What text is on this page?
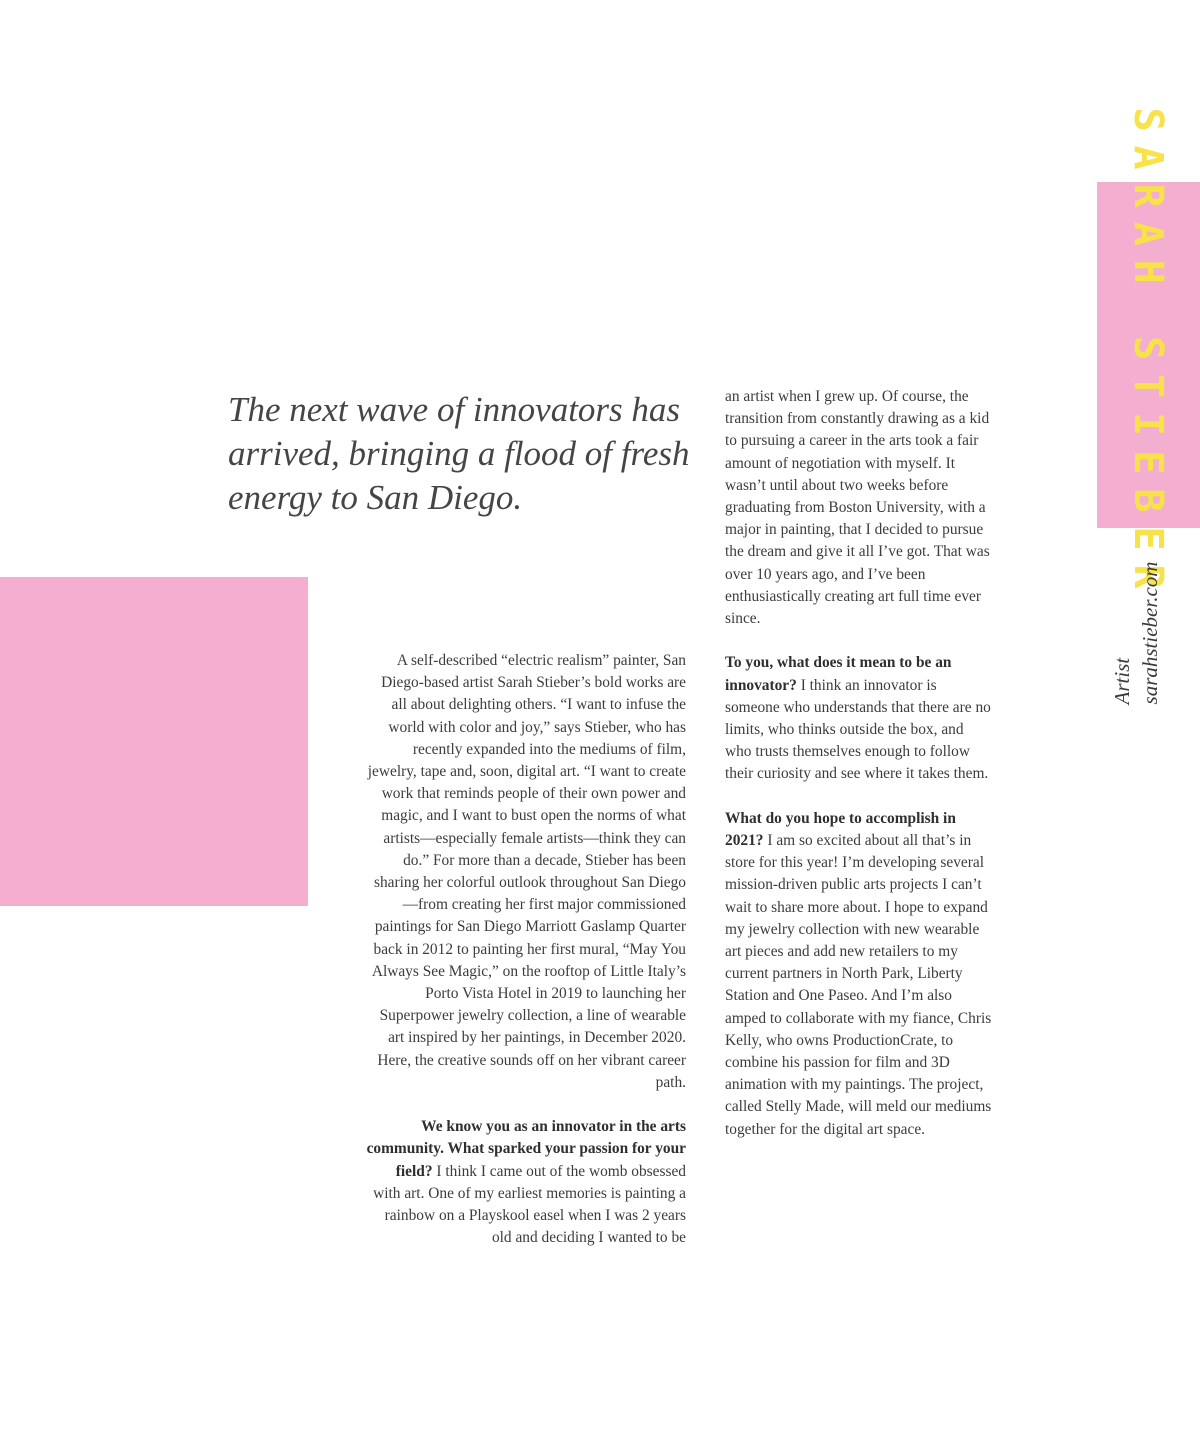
SARAH STIEBER
Artist sarahstieber.com
The next wave of innovators has arrived, bringing a flood of fresh energy to San Diego.

A self-described “electric realism” painter, San Diego-based artist Sarah Stieber’s bold works are all about delighting others. “I want to infuse the world with color and joy,” says Stieber, who has recently expanded into the mediums of film, jewelry, tape and, soon, digital art. “I want to create work that reminds people of their own power and magic, and I want to bust open the norms of what artists—especially female artists—think they can do.” For more than a decade, Stieber has been sharing her colorful outlook throughout San Diego—from creating her first major commissioned paintings for San Diego Marriott Gaslamp Quarter back in 2012 to painting her first mural, “May You Always See Magic,” on the rooftop of Little Italy’s Porto Vista Hotel in 2019 to launching her Superpower jewelry collection, a line of wearable art inspired by her paintings, in December 2020. Here, the creative sounds off on her vibrant career path.

We know you as an innovator in the arts community. What sparked your passion for your field? I think I came out of the womb obsessed with art. One of my earliest memories is painting a rainbow on a Playskool easel when I was 2 years old and deciding I wanted to be

an artist when I grew up. Of course, the transition from constantly drawing as a kid to pursuing a career in the arts took a fair amount of negotiation with myself. It wasn’t until about two weeks before graduating from Boston University, with a major in painting, that I decided to pursue the dream and give it all I’ve got. That was over 10 years ago, and I’ve been enthusiastically creating art full time ever since.

To you, what does it mean to be an innovator? I think an innovator is someone who understands that there are no limits, who thinks outside the box, and who trusts themselves enough to follow their curiosity and see where it takes them.

What do you hope to accomplish in 2021? I am so excited about all that’s in store for this year! I’m developing several mission-driven public arts projects I can’t wait to share more about. I hope to expand my jewelry collection with new wearable art pieces and add new retailers to my current partners in North Park, Liberty Station and One Paseo. And I’m also amped to collaborate with my fiance, Chris Kelly, who owns ProductionCrate, to combine his passion for film and 3D animation with my paintings. The project, called Stelly Made, will meld our mediums together for the digital art space.
